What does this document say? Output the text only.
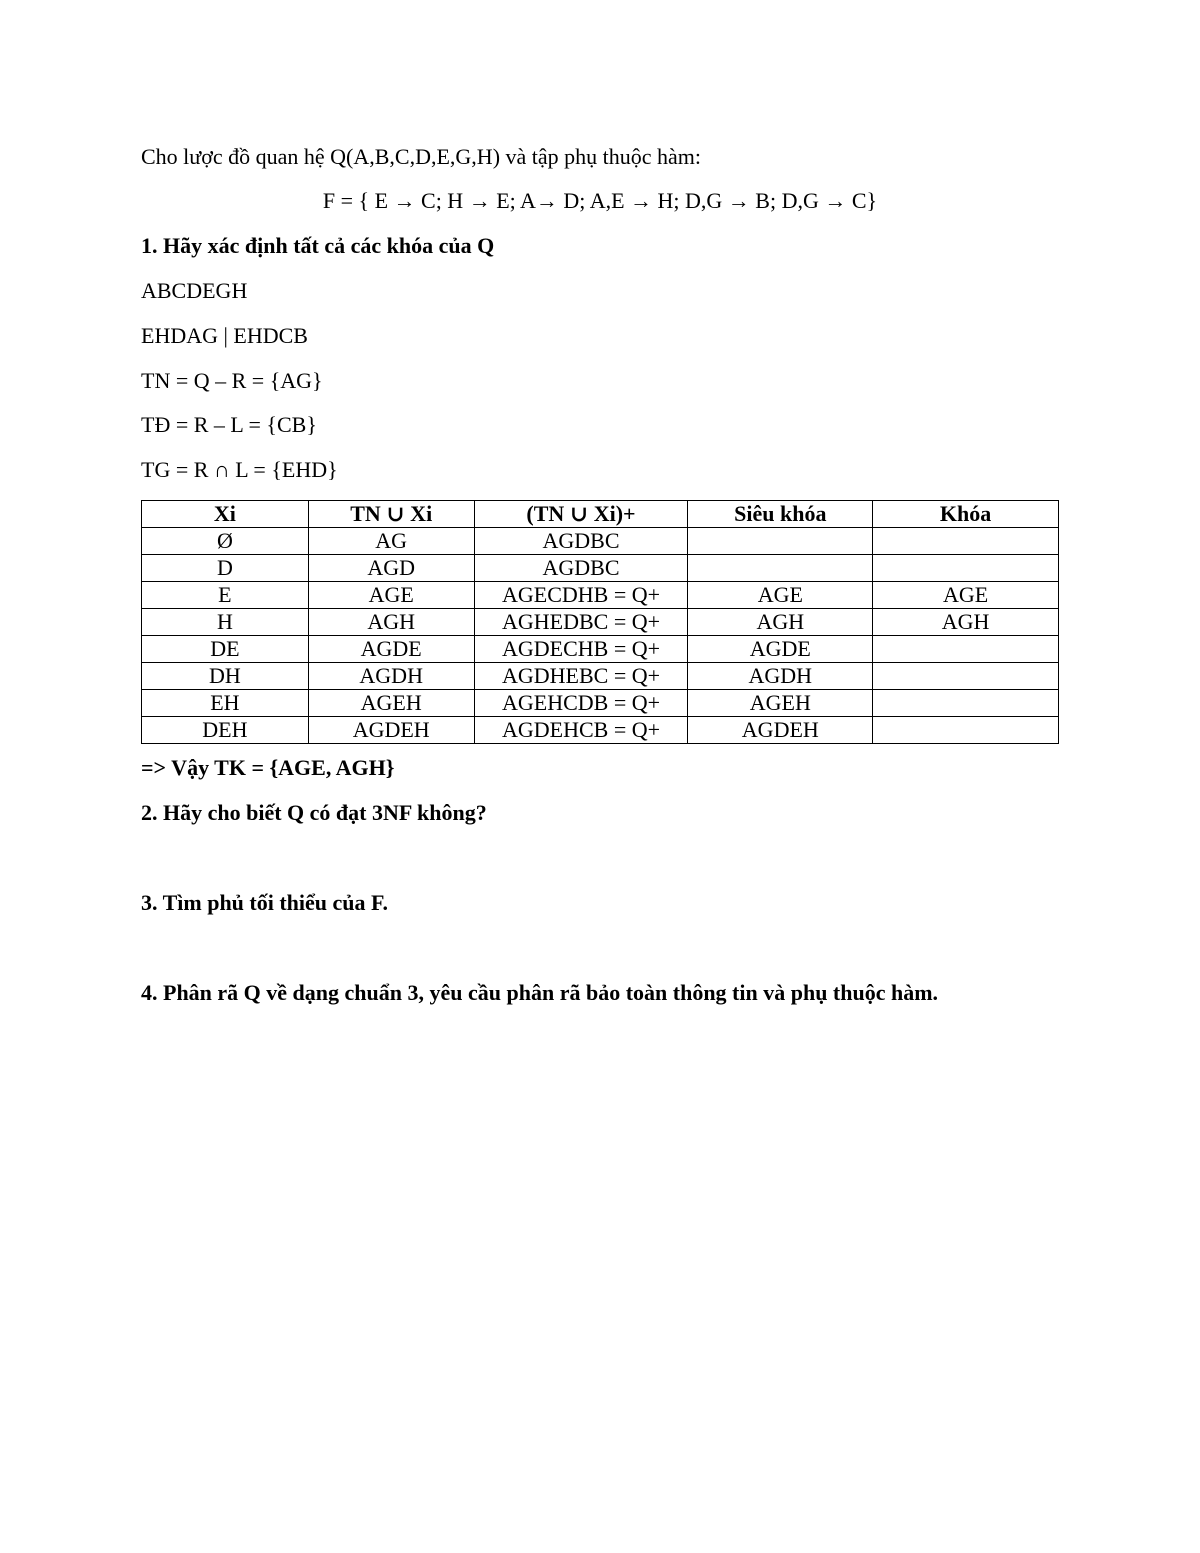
Cho lược đồ quan hệ Q(A,B,C,D,E,G,H) và tập phụ thuộc hàm:
F = { E → C; H → E; A→ D; A,E → H; D,G → B; D,G → C}
1. Hãy xác định tất cả các khóa của Q
ABCDEGH
EHDAG | EHDCB
TN = Q – R = {AG}
TĐ = R – L = {CB}
TG = R ∩ L = {EHD}
Xi	TN ∪ Xi	(TN ∪ Xi)+	Siêu khóa	Khóa
Ø	AG	AGDBC		
D	AGD	AGDBC		
E	AGE	AGECDHB = Q+	AGE	AGE
H	AGH	AGHEDBC = Q+	AGH	AGH
DE	AGDE	AGDECHB = Q+	AGDE	
DH	AGDH	AGDHEBC = Q+	AGDH	
EH	AGEH	AGEHCDB = Q+	AGEH	
DEH	AGDEH	AGDEHCB = Q+	AGDEH	
=> Vậy TK = {AGE, AGH}
2. Hãy cho biết Q có đạt 3NF không?
3. Tìm phủ tối thiểu của F.
4. Phân rã Q về dạng chuẩn 3, yêu cầu phân rã bảo toàn thông tin và phụ thuộc hàm.
